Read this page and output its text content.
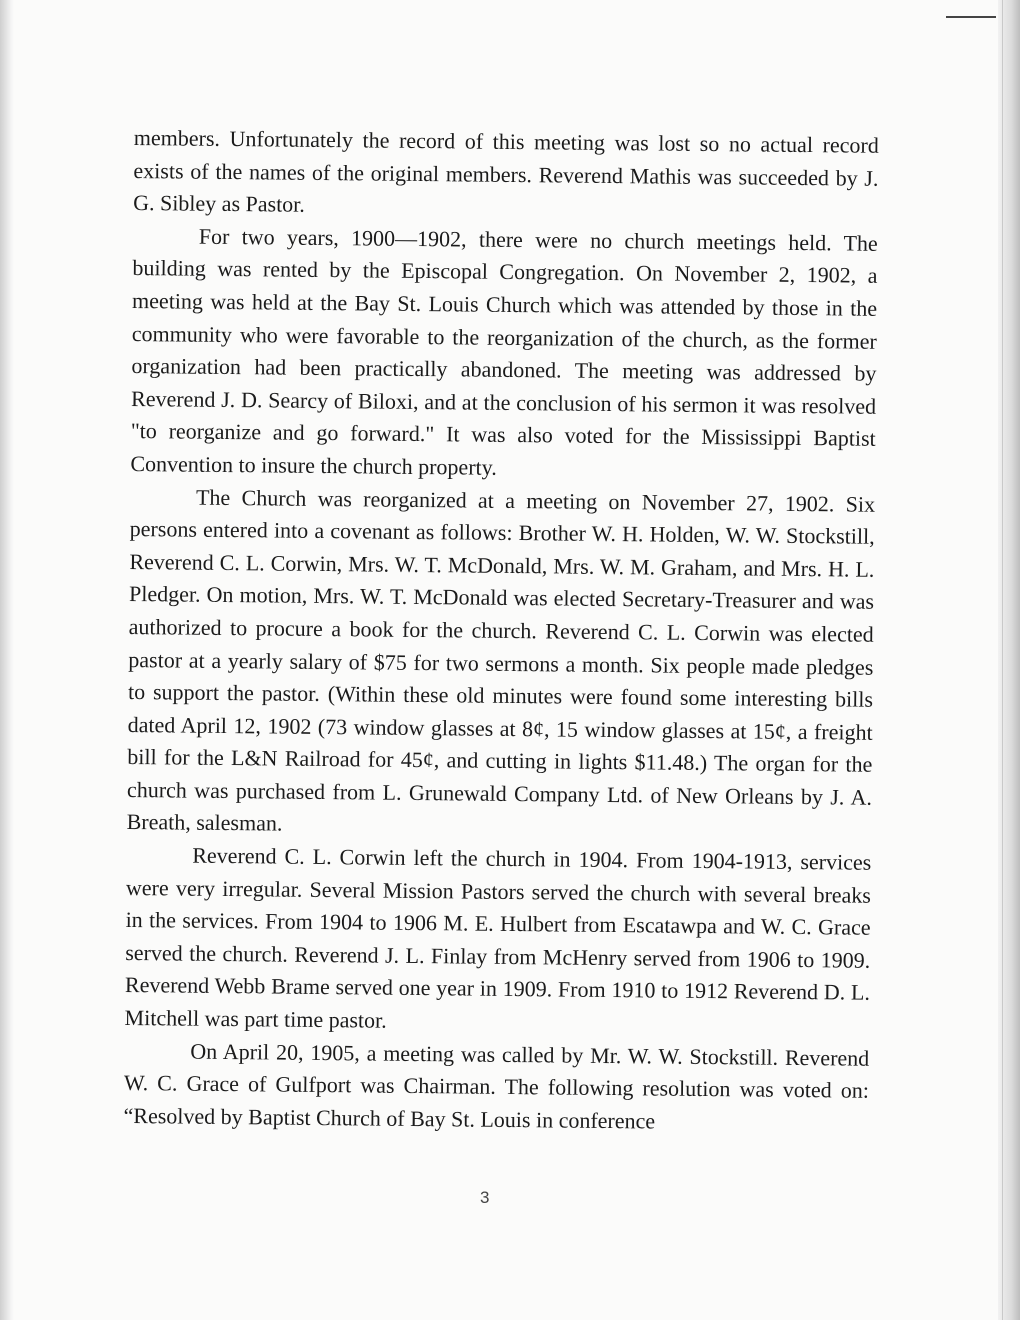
members. Unfortunately the record of this meeting was lost so no actual record exists of the names of the original members. Reverend Mathis was succeeded by J. G. Sibley as Pastor.

For two years, 1900—1902, there were no church meetings held. The building was rented by the Episcopal Congregation. On November 2, 1902, a meeting was held at the Bay St. Louis Church which was attended by those in the community who were favorable to the reorganization of the church, as the former organization had been practically abandoned. The meeting was addressed by Reverend J. D. Searcy of Biloxi, and at the conclusion of his sermon it was resolved "to reorganize and go forward." It was also voted for the Mississippi Baptist Convention to insure the church property.

The Church was reorganized at a meeting on November 27, 1902. Six persons entered into a covenant as follows: Brother W. H. Holden, W. W. Stockstill, Reverend C. L. Corwin, Mrs. W. T. McDonald, Mrs. W. M. Graham, and Mrs. H. L. Pledger. On motion, Mrs. W. T. McDonald was elected Secretary-Treasurer and was authorized to procure a book for the church. Reverend C. L. Corwin was elected pastor at a yearly salary of $75 for two sermons a month. Six people made pledges to support the pastor. (Within these old minutes were found some interesting bills dated April 12, 1902 (73 window glasses at 8¢, 15 window glasses at 15¢, a freight bill for the L&N Railroad for 45¢, and cutting in lights $11.48.) The organ for the church was purchased from L. Grunewald Company Ltd. of New Orleans by J. A. Breath, salesman.

Reverend C. L. Corwin left the church in 1904. From 1904-1913, services were very irregular. Several Mission Pastors served the church with several breaks in the services. From 1904 to 1906 M. E. Hulbert from Escatawpa and W. C. Grace served the church. Reverend J. L. Finlay from McHenry served from 1906 to 1909. Reverend Webb Brame served one year in 1909. From 1910 to 1912 Reverend D. L. Mitchell was part time pastor.

On April 20, 1905, a meeting was called by Mr. W. W. Stockstill. Reverend W. C. Grace of Gulfport was Chairman. The following resolution was voted on: “Resolved by Baptist Church of Bay St. Louis in conference

3
